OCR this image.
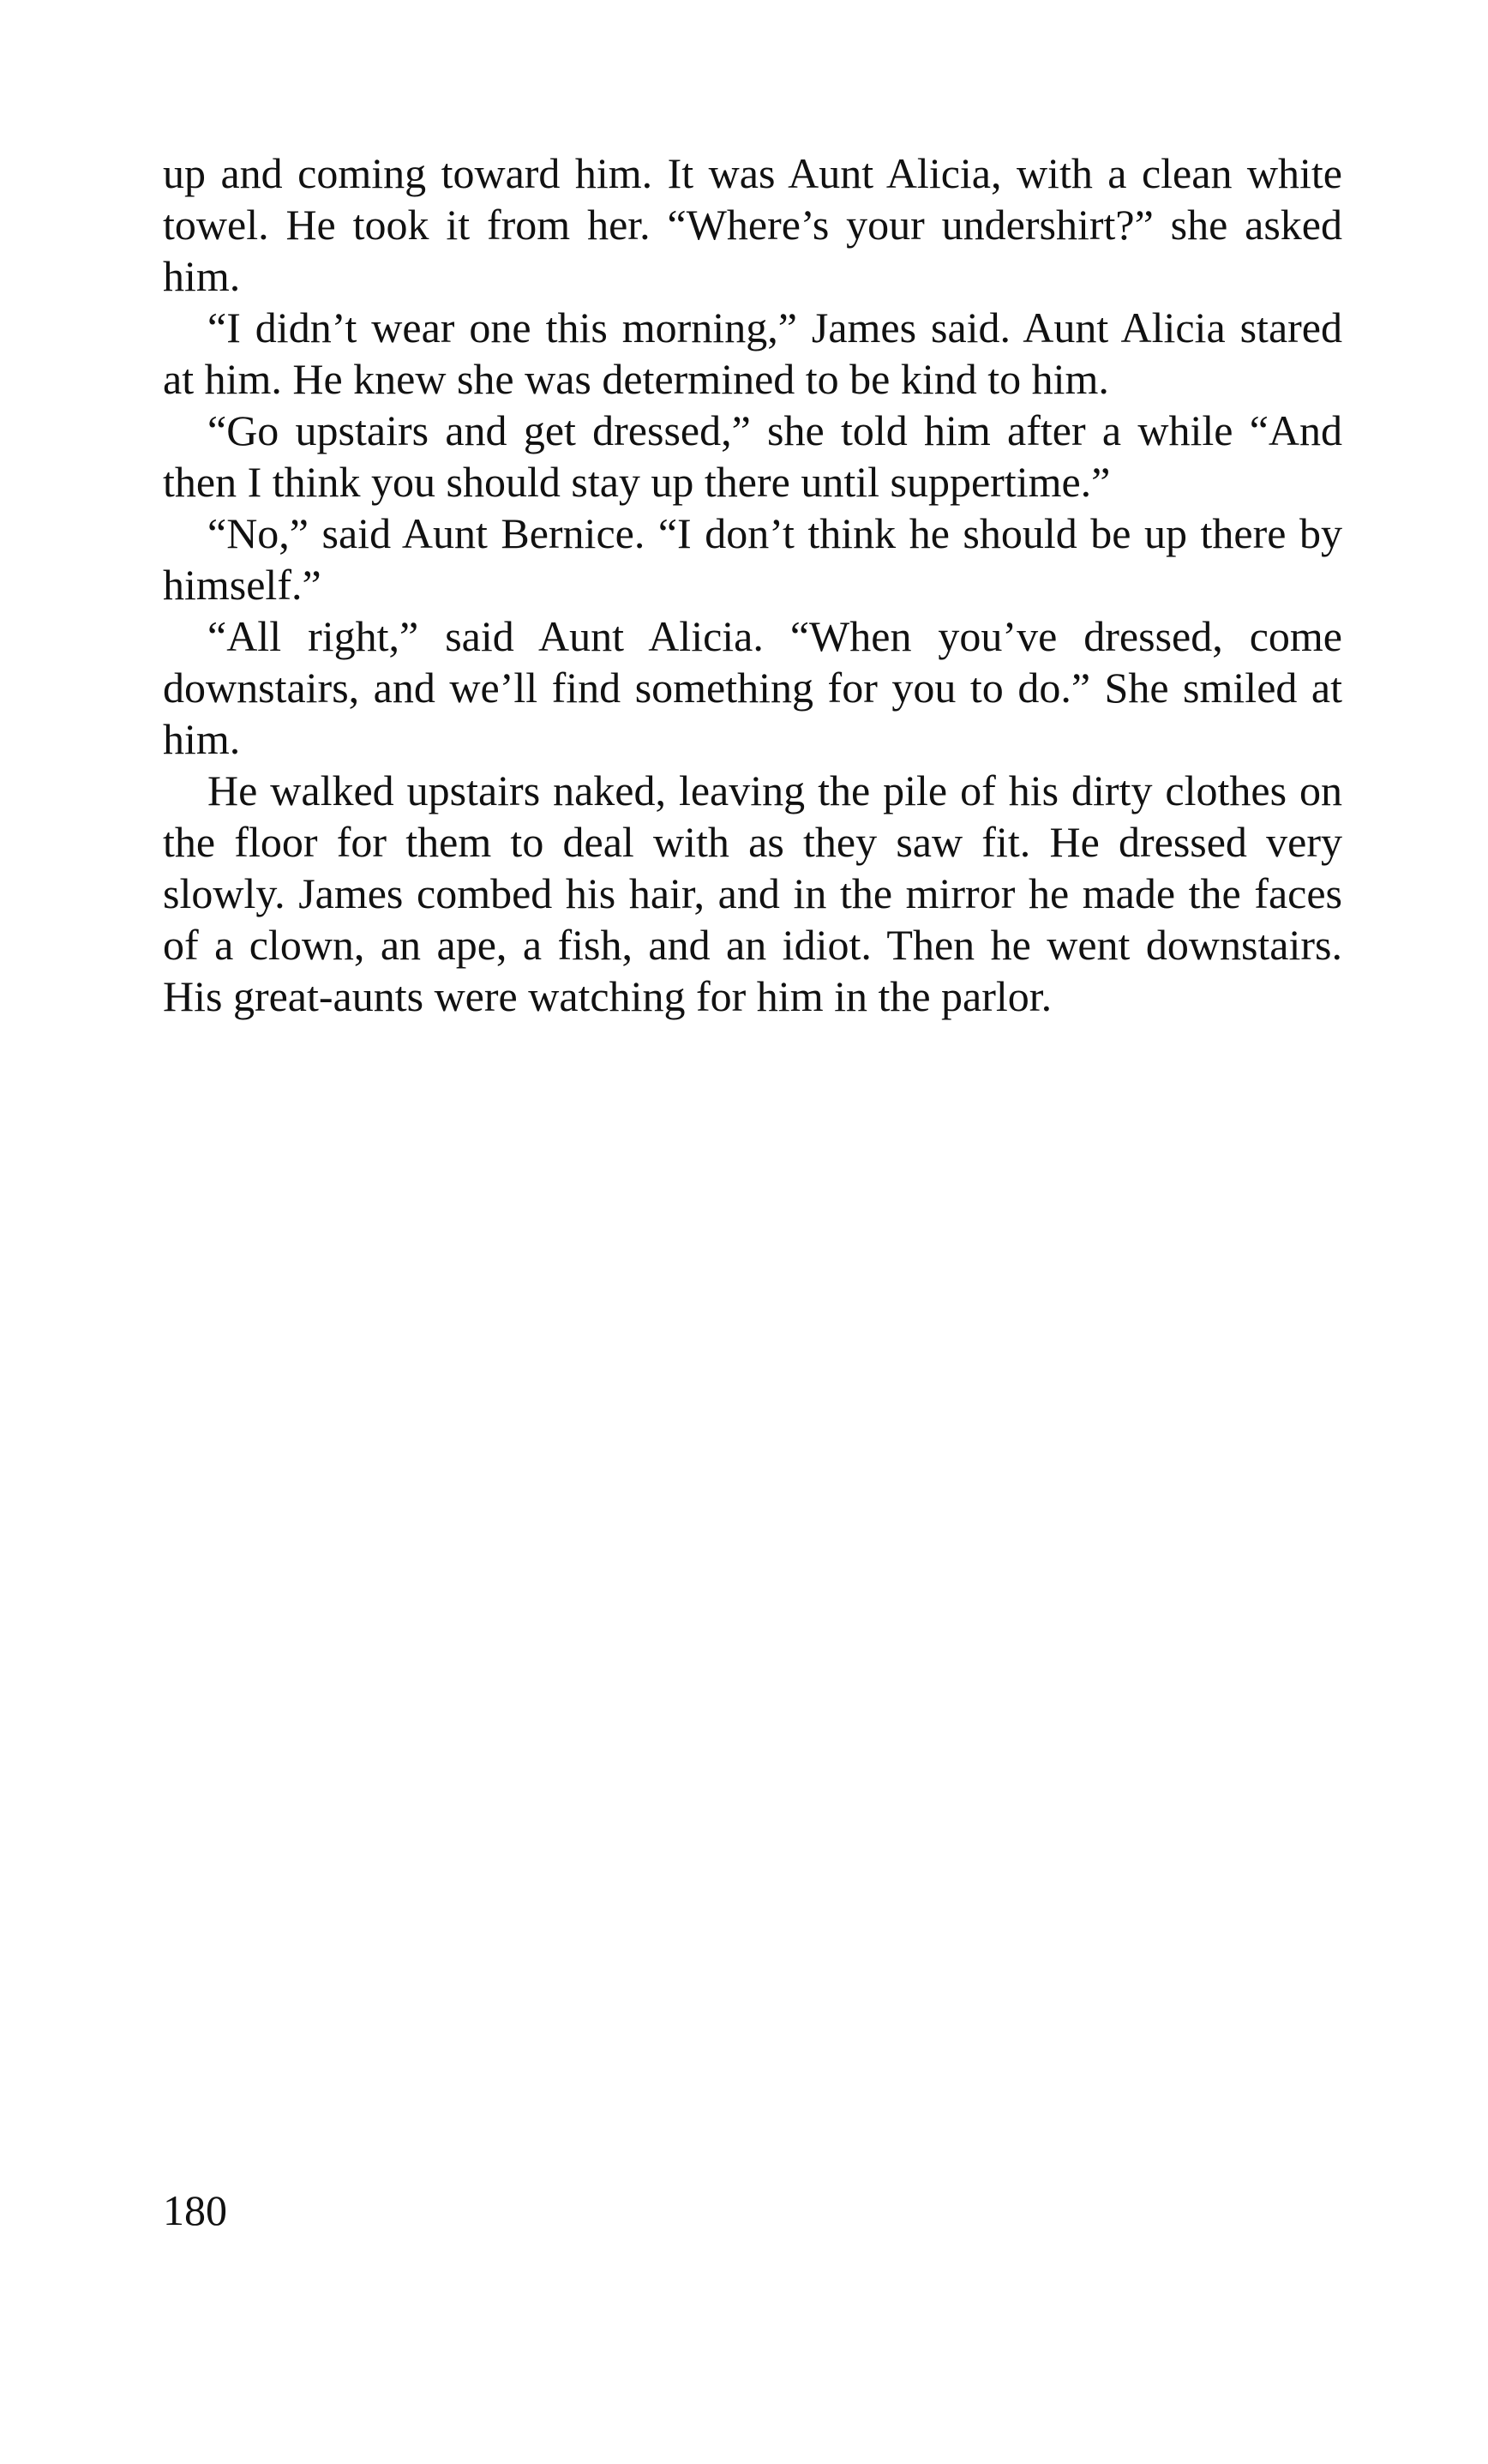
up and coming toward him. It was Aunt Alicia, with a clean white towel. He took it from her. “Where’s your undershirt?” she asked him.

“I didn’t wear one this morning,” James said. Aunt Alicia stared at him. He knew she was determined to be kind to him.

“Go upstairs and get dressed,” she told him after a while “And then I think you should stay up there until suppertime.”

“No,” said Aunt Bernice. “I don’t think he should be up there by himself.”

“All right,” said Aunt Alicia. “When you’ve dressed, come downstairs, and we’ll find something for you to do.” She smiled at him.

He walked upstairs naked, leaving the pile of his dirty clothes on the floor for them to deal with as they saw fit. He dressed very slowly. James combed his hair, and in the mirror he made the faces of a clown, an ape, a fish, and an idiot. Then he went downstairs. His great-aunts were watching for him in the parlor.

180
